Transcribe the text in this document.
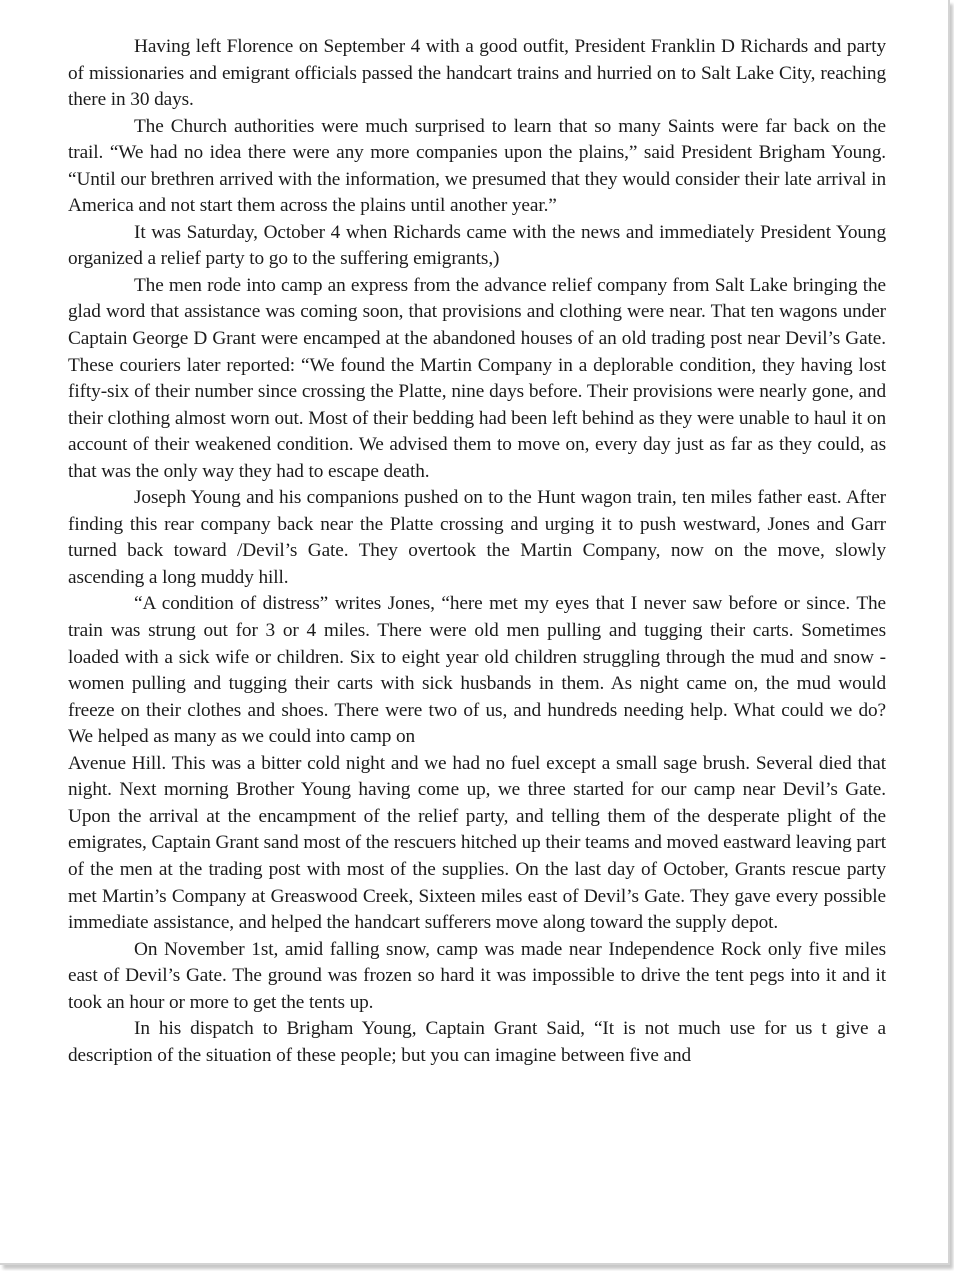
Having left Florence on September 4 with a good outfit, President Franklin D Richards and party of missionaries and emigrant officials passed the handcart trains and hurried on to Salt Lake City, reaching there in 30 days.

The Church authorities were much surprised to learn that so many Saints were far back on the trail. “We had no idea there were any more companies upon the plains,” said President Brigham Young. “Until our brethren arrived with the information, we presumed that they would consider their late arrival in America and not start them across the plains until another year.”

It was Saturday, October 4 when Richards came with the news and immediately President Young organized a relief party to go to the suffering emigrants,)

The men rode into camp an express from the advance relief company from Salt Lake bringing the glad word that assistance was coming soon, that provisions and clothing were near. That ten wagons under Captain George D Grant were encamped at the abandoned houses of an old trading post near Devil’s Gate. These couriers later reported: “We found the Martin Company in a deplorable condition, they having lost fifty-six of their number since crossing the Platte, nine days before. Their provisions were nearly gone, and their clothing almost worn out. Most of their bedding had been left behind as they were unable to haul it on account of their weakened condition. We advised them to move on, every day just as far as they could, as that was the only way they had to escape death.

Joseph Young and his companions pushed on to the Hunt wagon train, ten miles father east. After finding this rear company back near the Platte crossing and urging it to push westward, Jones and Garr turned back toward /Devil’s Gate. They overtook the Martin Company, now on the move, slowly ascending a long muddy hill.

“A condition of distress” writes Jones, “here met my eyes that I never saw before or since. The train was strung out for 3 or 4 miles. There were old men pulling and tugging their carts. Sometimes loaded with a sick wife or children. Six to eight year old children struggling through the mud and snow - women pulling and tugging their carts with sick husbands in them. As night came on, the mud would freeze on their clothes and shoes. There were two of us, and hundreds needing help. What could we do? We helped as many as we could into camp on

Avenue Hill. This was a bitter cold night and we had no fuel except a small sage brush. Several died that night. Next morning Brother Young having come up, we three started for our camp near Devil’s Gate. Upon the arrival at the encampment of the relief party, and telling them of the desperate plight of the emigrates, Captain Grant sand most of the rescuers hitched up their teams and moved eastward leaving part of the men at the trading post with most of the supplies. On the last day of October, Grants rescue party met Martin’s Company at Greaswood Creek, Sixteen miles east of Devil’s Gate. They gave every possible immediate assistance, and helped the handcart sufferers move along toward the supply depot.

On November 1st, amid falling snow, camp was made near Independence Rock only five miles east of Devil’s Gate. The ground was frozen so hard it was impossible to drive the tent pegs into it and it took an hour or more to get the tents up.

In his dispatch to Brigham Young, Captain Grant Said, “It is not much use for us t give a description of the situation of these people; but you can imagine between five and
